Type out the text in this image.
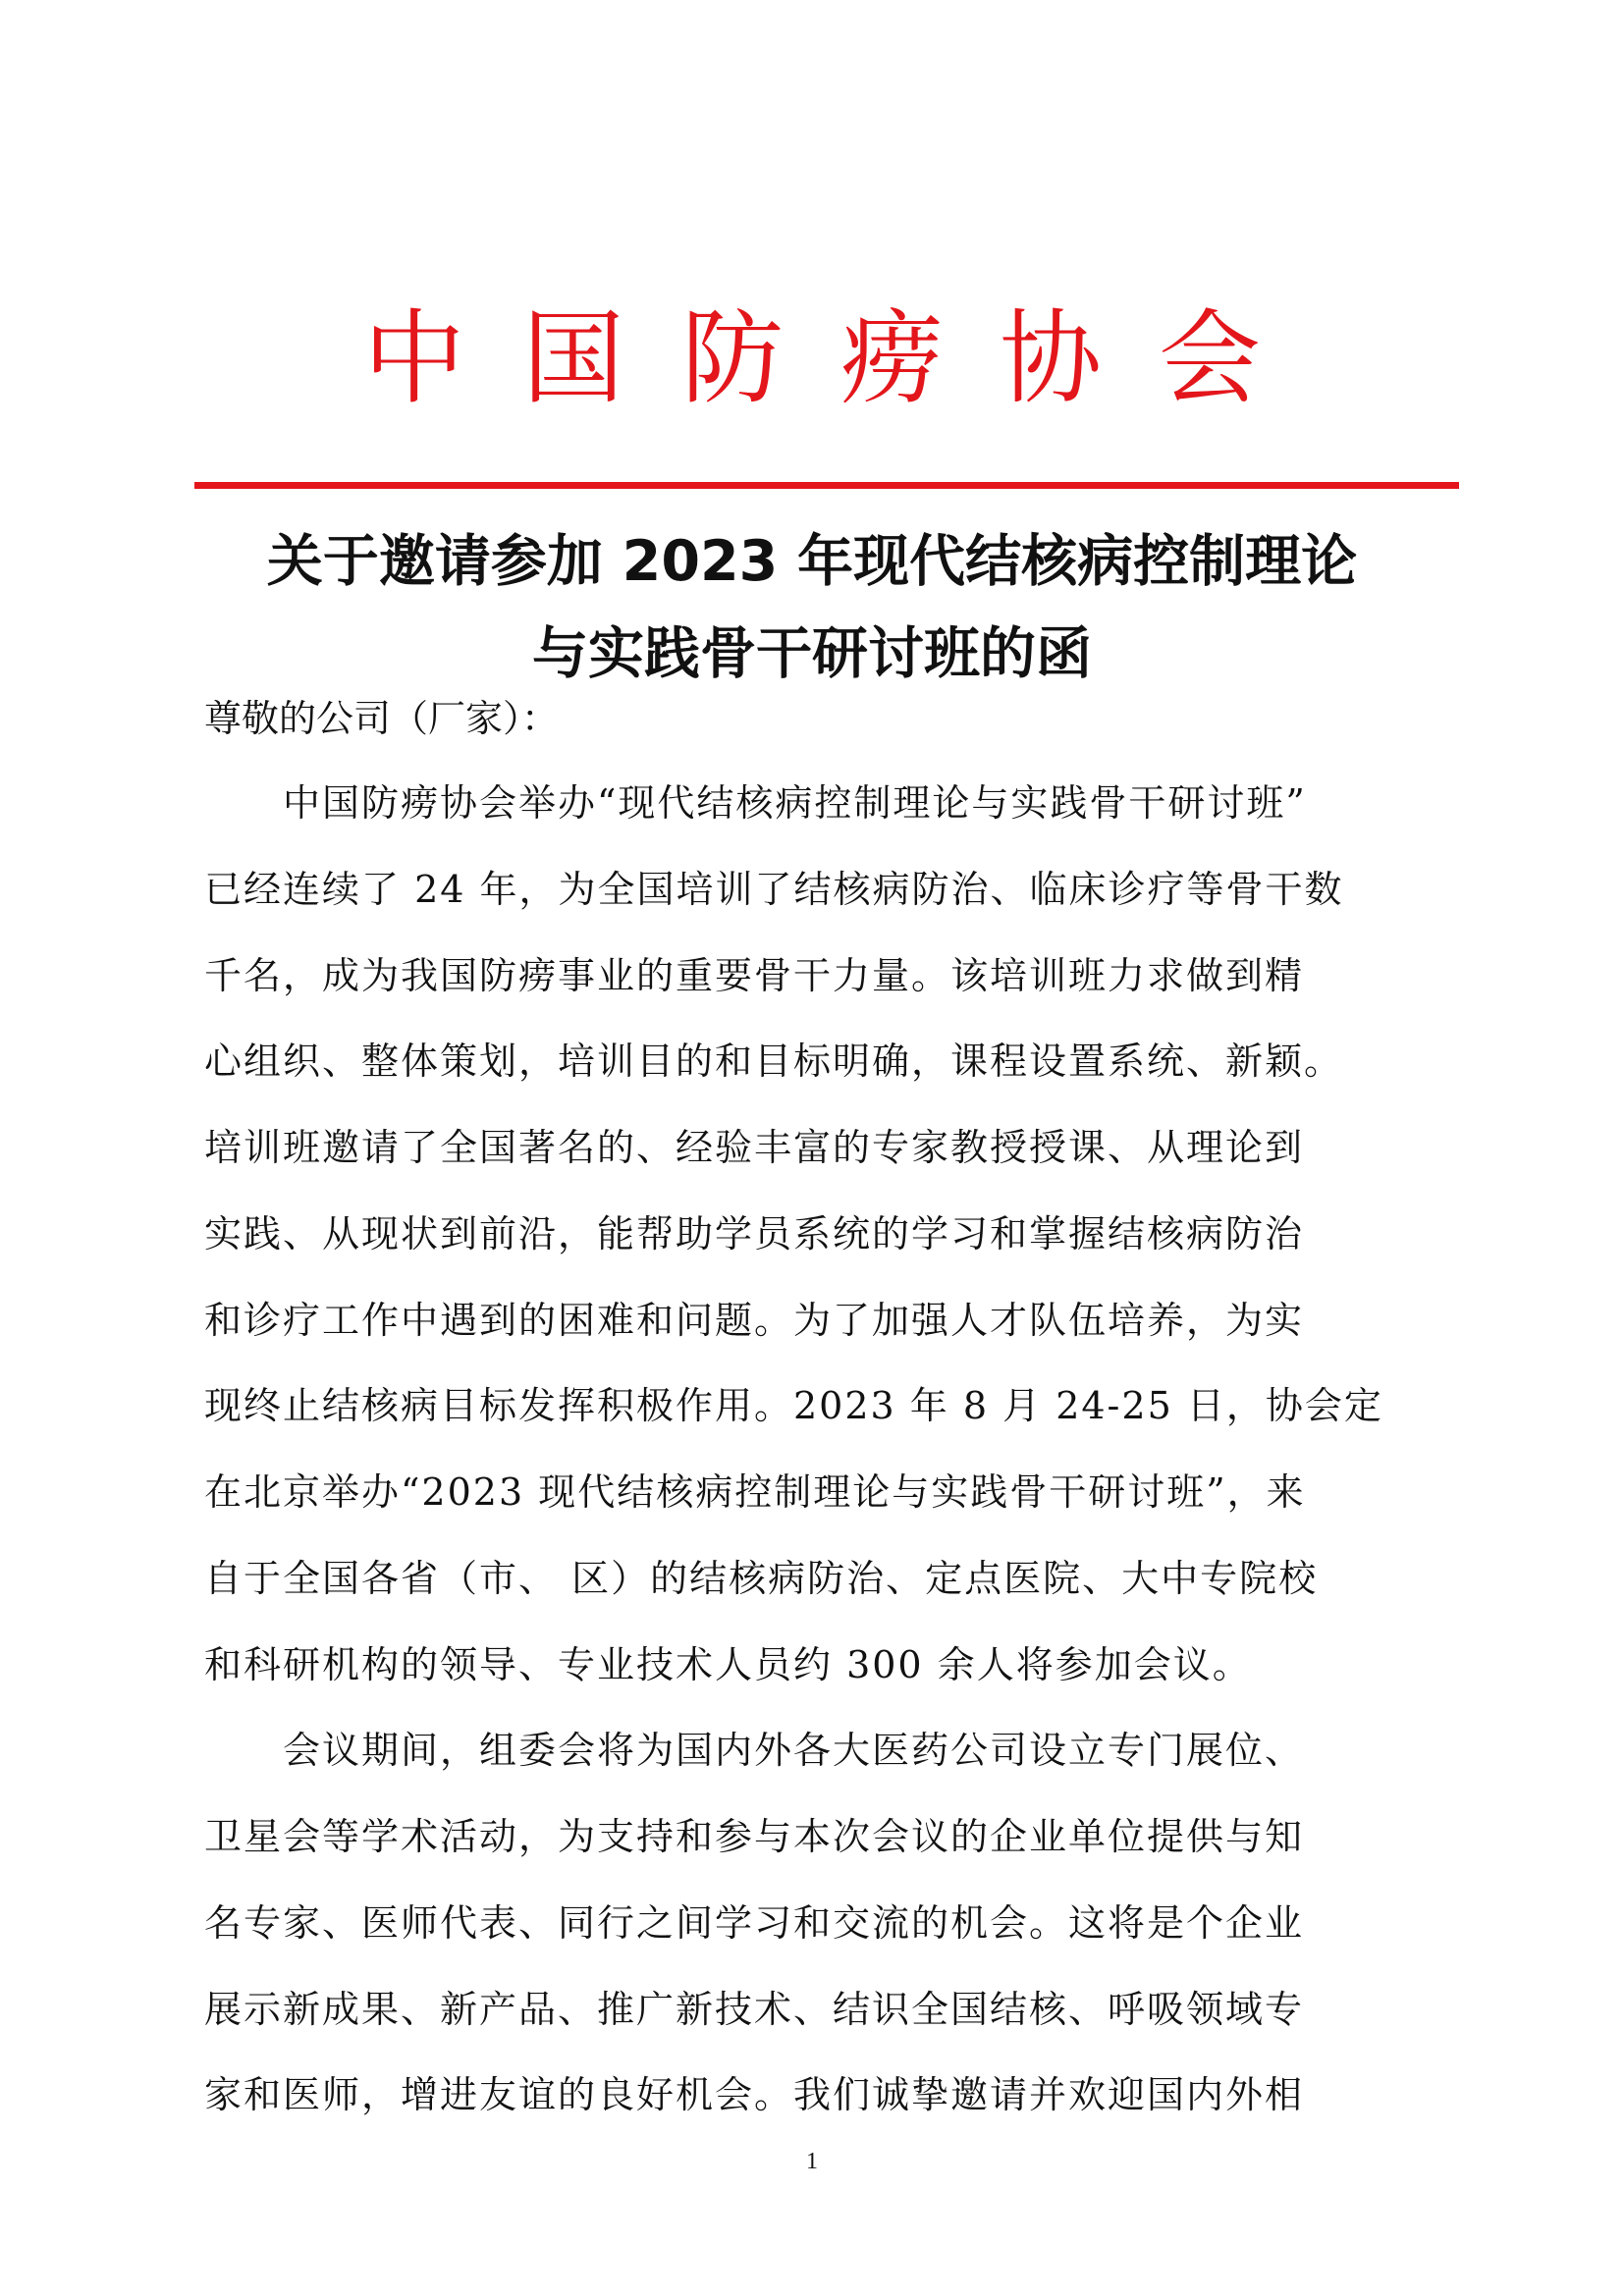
中国防痨协会
关于邀请参加 2023 年现代结核病控制理论
与实践骨干研讨班的函
尊敬的公司（厂家）：
　　中国防痨协会举办“现代结核病控制理论与实践骨干研讨班”
已经连续了 24 年，为全国培训了结核病防治、临床诊疗等骨干数
千名，成为我国防痨事业的重要骨干力量。该培训班力求做到精
心组织、整体策划，培训目的和目标明确，课程设置系统、新颖。
培训班邀请了全国著名的、经验丰富的专家教授授课、从理论到
实践、从现状到前沿，能帮助学员系统的学习和掌握结核病防治
和诊疗工作中遇到的困难和问题。为了加强人才队伍培养，为实
现终止结核病目标发挥积极作用。2023 年 8 月 24-25 日，协会定
在北京举办“2023 现代结核病控制理论与实践骨干研讨班”，来
自于全国各省（市、 区）的结核病防治、定点医院、大中专院校
和科研机构的领导、专业技术人员约 300 余人将参加会议。
　　会议期间，组委会将为国内外各大医药公司设立专门展位、
卫星会等学术活动，为支持和参与本次会议的企业单位提供与知
名专家、医师代表、同行之间学习和交流的机会。这将是个企业
展示新成果、新产品、推广新技术、结识全国结核、呼吸领域专
家和医师，增进友谊的良好机会。我们诚挚邀请并欢迎国内外相
1
